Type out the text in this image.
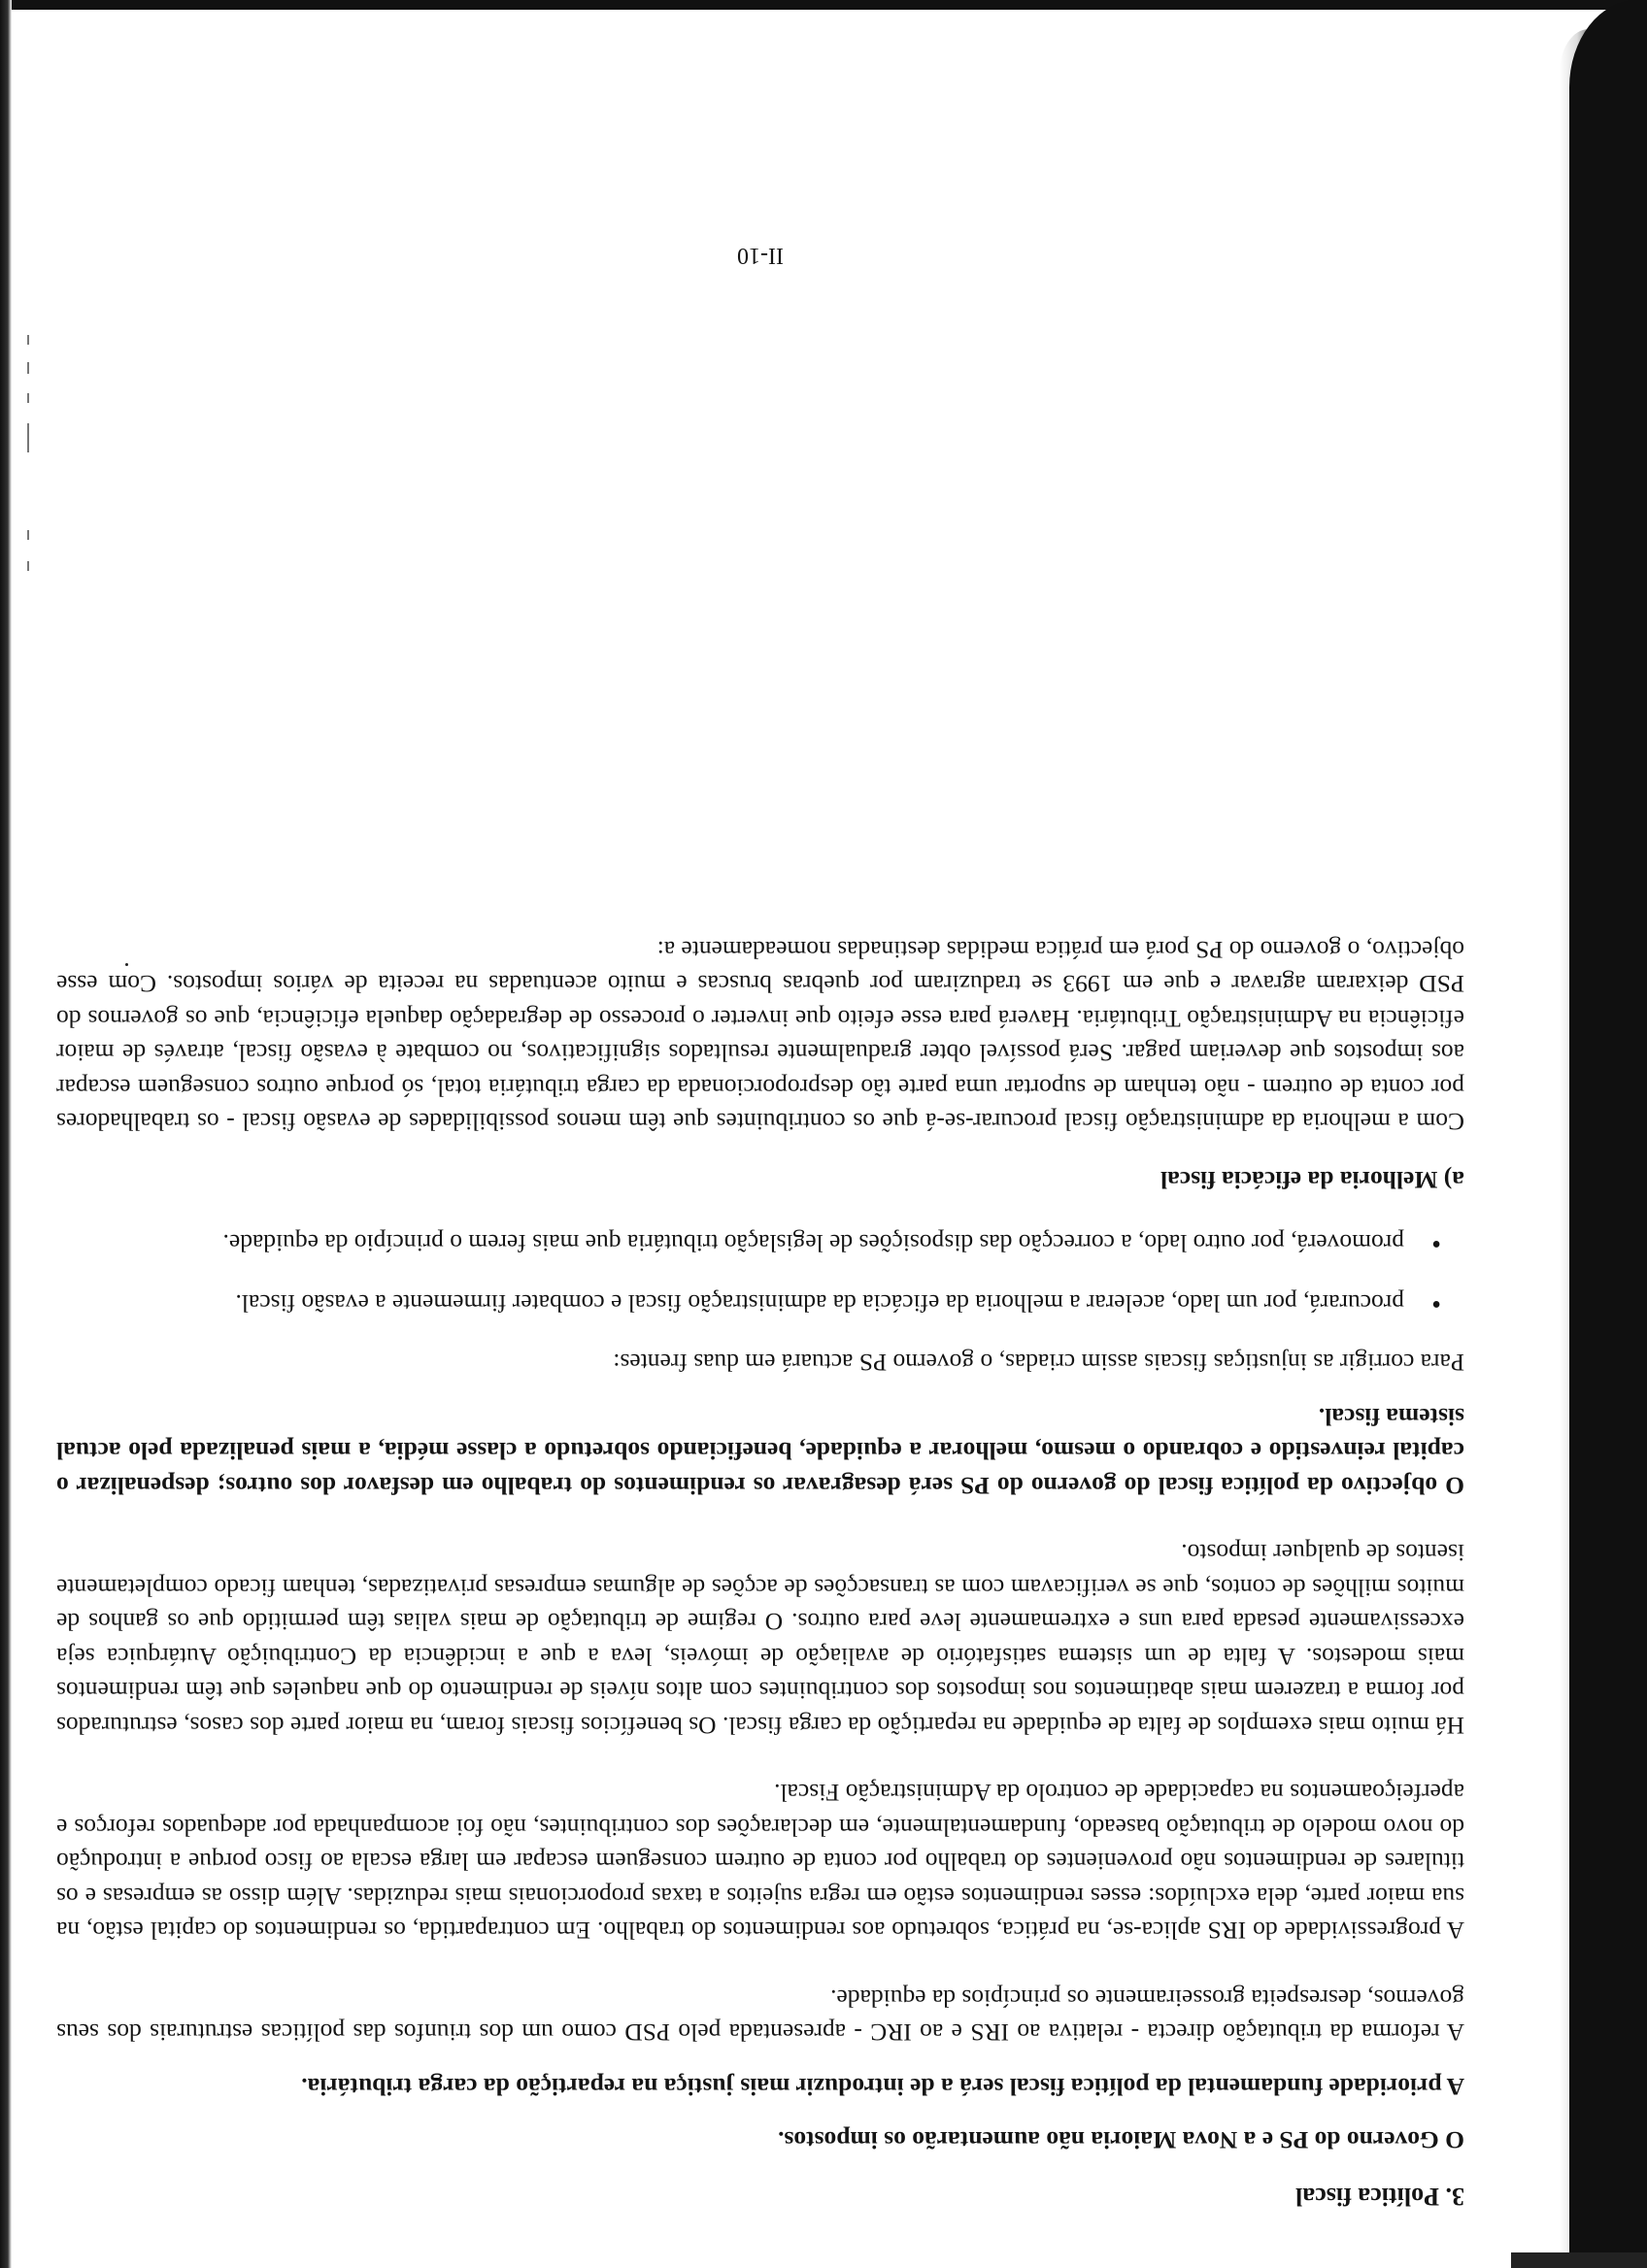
3. Política fiscal
O Governo do PS e a Nova Maioria não aumentarão os impostos.
A prioridade fundamental da política fiscal será a de introduzir mais justiça na repartição da carga tributária.

A reforma da tributação directa - relativa ao IRS e ao IRC - apresentada pelo PSD como um dos triunfos das políticas estruturais dos seus governos, desrespeita grosseiramente os princípios da equidade.

A progressividade do IRS aplica-se, na prática, sobretudo aos rendimentos do trabalho. Em contrapartida, os rendimentos do capital estão, na sua maior parte, dela excluídos: esses rendimentos estão em regra sujeitos a taxas proporcionais mais reduzidas. Além disso as empresas e os titulares de rendimentos não provenientes do trabalho por conta de outrem conseguem escapar em larga escala ao fisco porque a introdução do novo modelo de tributação baseado, fundamentalmente, em declarações dos contribuintes, não foi acompanhada por adequados reforços e aperfeiçoamentos na capacidade de controlo da Administração Fiscal.

Há muito mais exemplos de falta de equidade na repartição da carga fiscal. Os benefícios fiscais foram, na maior parte dos casos, estruturados por forma a trazerem mais abatimentos nos impostos dos contribuintes com altos níveis de rendimento do que naqueles que têm rendimentos mais modestos. A falta de um sistema satisfatório de avaliação de imóveis, leva a que a incidência da Contribuição Autárquica seja excessivamente pesada para uns e extremamente leve para outros. O regime de tributação de mais valias têm permitido que os ganhos de muitos milhões de contos, que se verificavam com as transacções de acções de algumas empresas privatizadas, tenham ficado completamente isentos de qualquer imposto.

O objectivo da política fiscal do governo do PS será desagravar os rendimentos do trabalho em desfavor dos outros; despenalizar o capital reinvestido e cobrando o mesmo, melhorar a equidade, beneficiando sobretudo a classe média, a mais penalizada pelo actual sistema fiscal.

Para corrigir as injustiças fiscais assim criadas, o governo PS actuará em duas frentes:

• procurará, por um lado, acelerar a melhoria da eficácia da administração fiscal e combater firmemente a evasão fiscal.
• promoverá, por outro lado, a correcção das disposições de legislação tributária que mais ferem o princípio da equidade.
a) Melhoria da eficácia fiscal

Com a melhoria da administração fiscal procurar-se-á que os contribuintes que têm menos possibilidades de evasão fiscal - os trabalhadores por conta de outrem - não tenham de suportar uma parte tão desproporcionada da carga tributária total, só porque outros conseguem escapar aos impostos que deveriam pagar. Será possível obter gradualmente resultados significativos, no combate à evasão fiscal, através de maior eficiência na Administração Tributária. Haverá para esse efeito que inverter o processo de degradação daquela eficiência, que os governos do PSD deixaram agravar e que em 1993 se traduziram por quebras bruscas e muito acentuadas na receita de vários impostos. Com esse objectivo, o governo do PS porá em prática medidas destinadas nomeadamente a:

II-10
